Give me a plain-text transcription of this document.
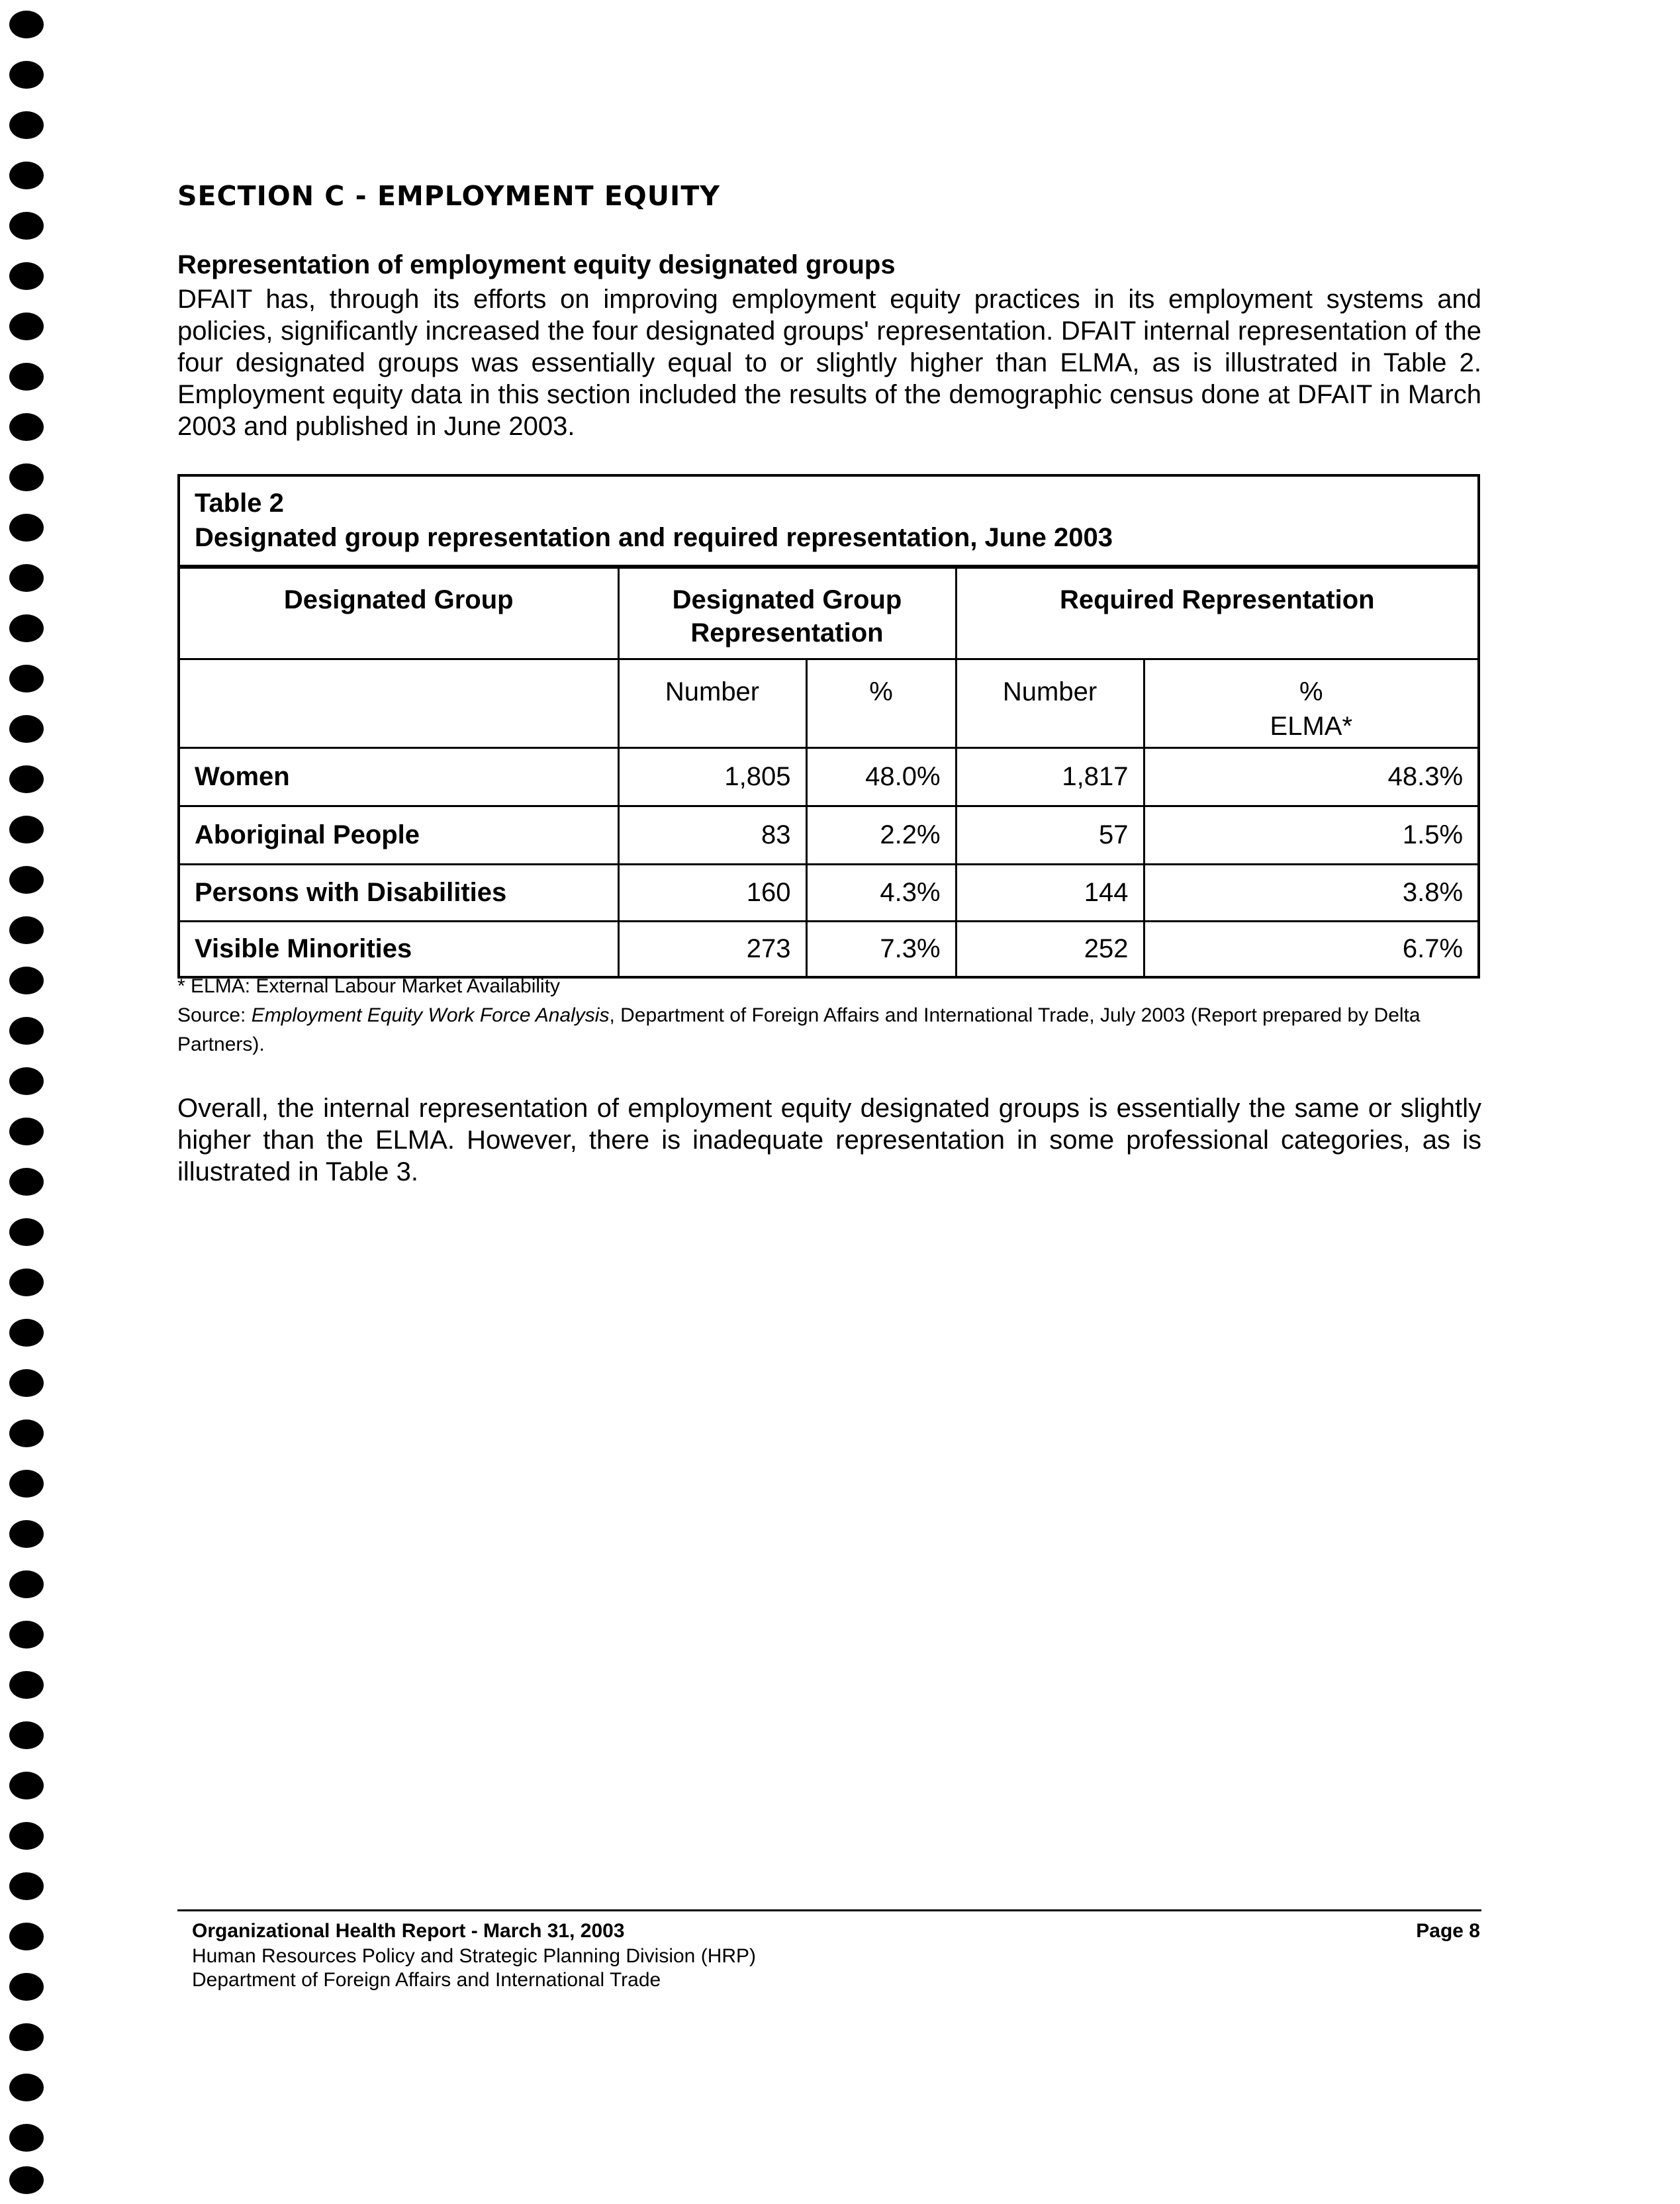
SECTION C - EMPLOYMENT EQUITY
Representation of employment equity designated groups

DFAIT has, through its efforts on improving employment equity practices in its employment systems and policies, significantly increased the four designated groups' representation. DFAIT internal representation of the four designated groups was essentially equal to or slightly higher than ELMA, as is illustrated in Table 2. Employment equity data in this section included the results of the demographic census done at DFAIT in March 2003 and published in June 2003.

Table 2
Designated group representation and required representation, June 2003
Designated Group	Designated Group Representation		Required Representation	
	Number	%	Number	%
ELMA*

Women	1,805	48.0%	1,817	48.3%
Aboriginal People	83	2.2%	57	1.5%
Persons with Disabilities	160	4.3%	144	3.8%
Visible Minorities	273	7.3%	252	6.7%
* ELMA: External Labour Market Availability

Source: Employment Equity Work Force Analysis, Department of Foreign Affairs and International Trade, July 2003 (Report prepared by Delta Partners).

Overall, the internal representation of employment equity designated groups is essentially the same or slightly higher than the ELMA. However, there is inadequate representation in some professional categories, as is illustrated in Table 3.

Organizational Health Report - March 31, 2003
Human Resources Policy and Strategic Planning Division (HRP)
Department of Foreign Affairs and International Trade
Page 8
